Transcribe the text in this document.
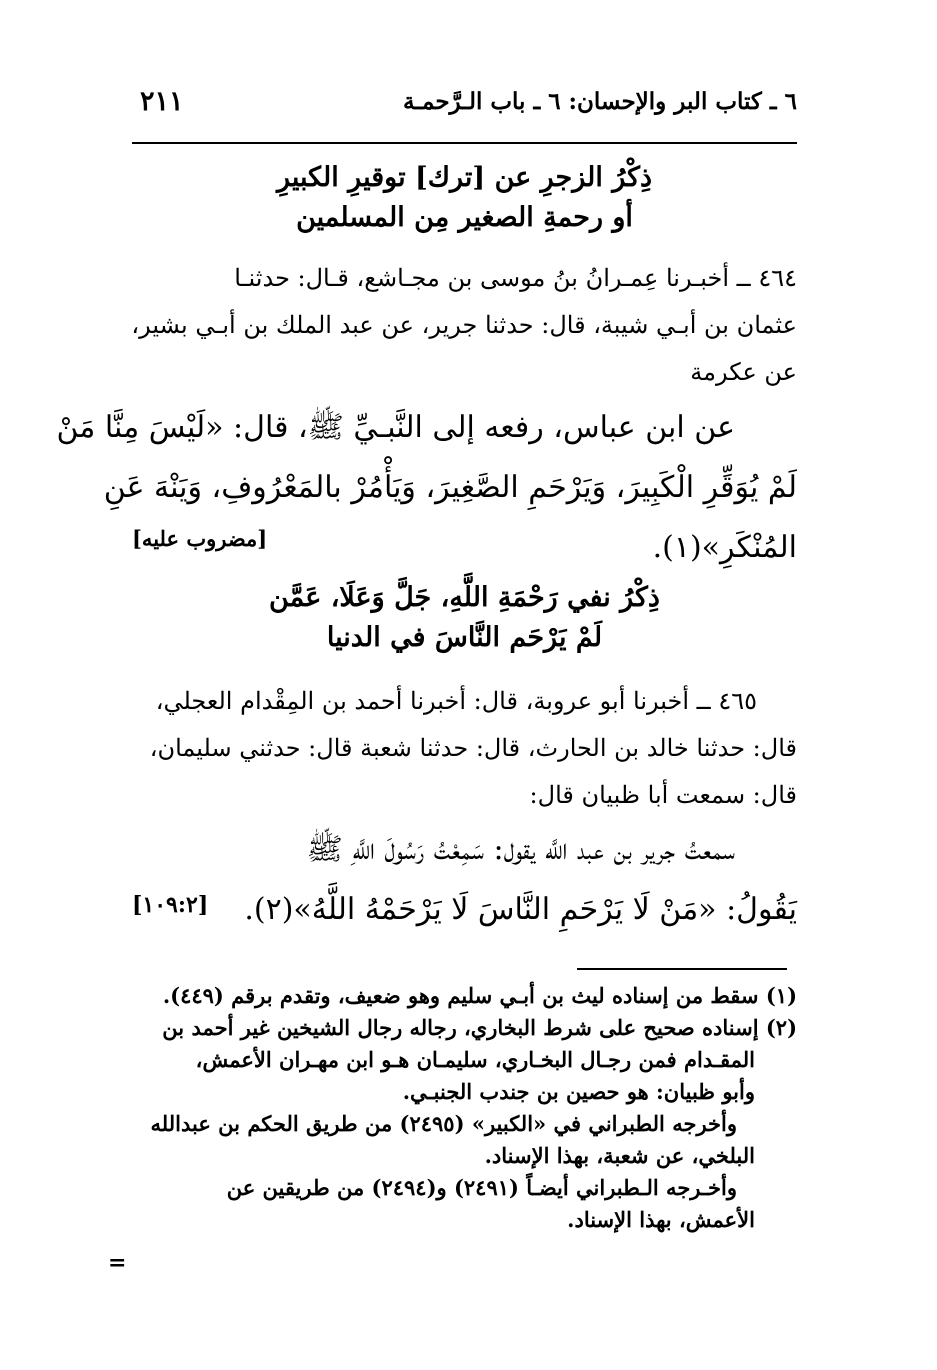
٦ ـ كتاب البر والإحسان: ٦ ـ باب الـرَّحمـة
٢١١
ذِكْرُ الزجرِ عن [ترك] توقيرِ الكبيرِ
أو رحمةِ الصغير مِن المسلمين
٤٦٤ ــ أخبـرنا عِمـرانُ بنُ موسى بن مجـاشع، قـال: حدثنـا
عثمان بن أبـي شيبة، قال: حدثنا جرير، عن عبد الملك بن أبـي بشير،
عن عكرمة
عن ابن عباس، رفعه إلى النَّبـيِّ ﷺ، قال: «لَيْسَ مِنَّا مَنْ
لَمْ يُوَقِّرِ الْكَبِيرَ، وَيَرْحَمِ الصَّغِيرَ، وَيَأْمُرْ بالمَعْرُوفِ، وَيَنْهَ عَنِ
المُنْكَرِ»(١).
[مضروب عليه]
ذِكْرُ نفي رَحْمَةِ اللَّهِ، جَلَّ وَعَلَا، عَمَّن
لَمْ يَرْحَم النَّاسَ في الدنيا
٤٦٥ ــ أخبرنا أبو عروبة، قال: أخبرنا أحمد بن المِقْدام العجلي،
قال: حدثنا خالد بن الحارث، قال: حدثنا شعبة قال: حدثني سليمان،
قال: سمعت أبا ظبيان قال:
سمعتُ جرير بن عبد اللَّه يقول: سَمِعْتُ رَسُولَ اللَّهِ ﷺ
يَقُولُ: «مَنْ لَا يَرْحَمِ النَّاسَ لَا يَرْحَمْهُ اللَّهُ»(٢).
[١٠٩:٢]
(١) سقط من إسناده ليث بن أبـي سليم وهو ضعيف، وتقدم برقم (٤٤٩).
(٢) إسناده صحيح على شرط البخاري، رجاله رجال الشيخين غير أحمد بن
المقـدام فمن رجـال البخـاري، سليمـان هـو ابن مهـران الأعمش،
وأبو ظبيان: هو حصين بن جندب الجنبـي.
وأخرجه الطبراني في «الكبير» (٢٤٩٥) من طريق الحكم بن عبدالله
البلخي، عن شعبة، بهذا الإسناد.
وأخـرجه الـطبراني أيضـاً (٢٤٩١) و(٢٤٩٤) من طريقين عن
الأعمش، بهذا الإسناد.
=
